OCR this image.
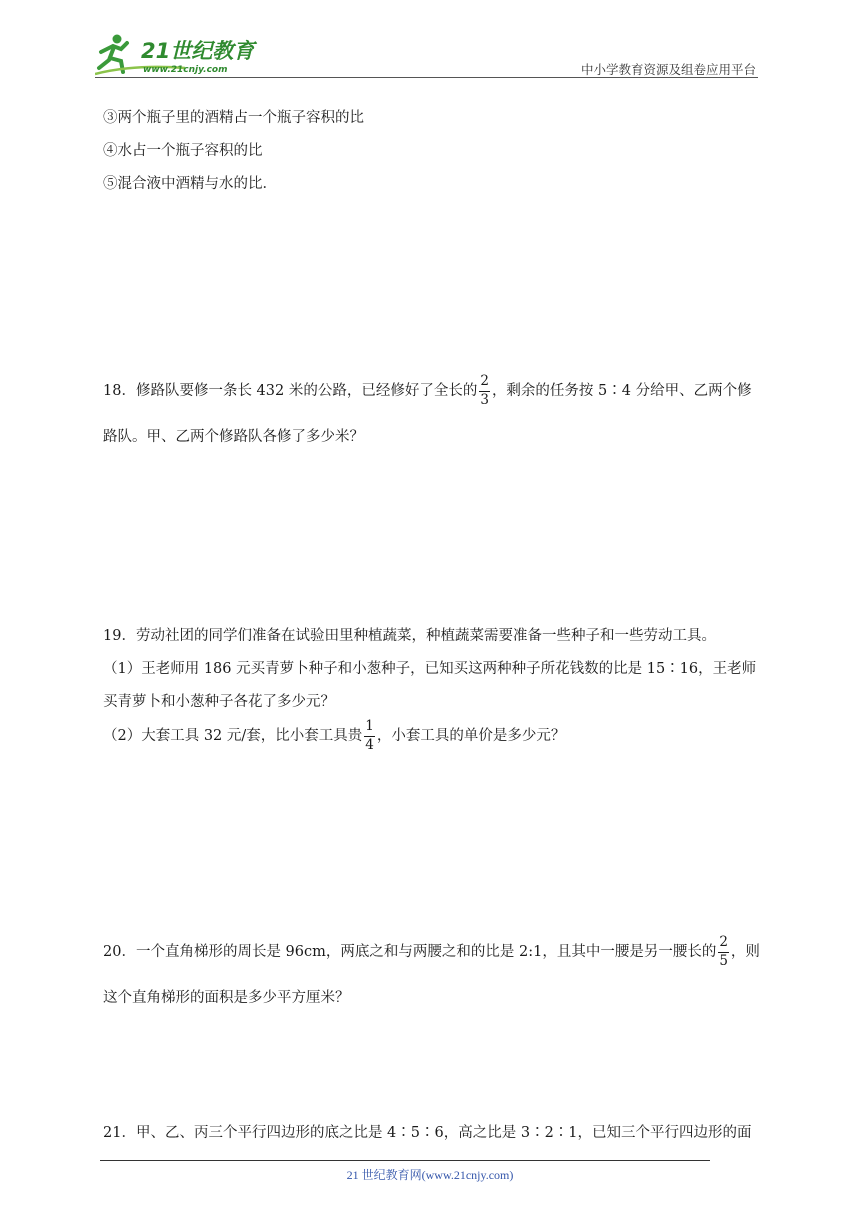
21世纪教育
www.21cnjy.com	中小学教育资源及组卷应用平台
③两个瓶子里的酒精占一个瓶子容积的比
④水占一个瓶子容积的比
⑤混合液中酒精与水的比．
18．修路队要修一条长 432 米的公路，已经修好了全长的 $\frac{2}{3}$ ，剩余的任务按 5∶4 分给甲、乙两个修
路队。甲、乙两个修路队各修了多少米？
19．劳动社团的同学们准备在试验田里种植蔬菜，种植蔬菜需要准备一些种子和一些劳动工具。
（1）王老师用 186 元买青萝卜种子和小葱种子，已知买这两种种子所花钱数的比是 15∶16，王老师
买青萝卜和小葱种子各花了多少元？
（2）大套工具 32 元/套，比小套工具贵 $\frac{1}{4}$ ，小套工具的单价是多少元？
20．一个直角梯形的周长是 96cm，两底之和与两腰之和的比是 2:1，且其中一腰是另一腰长的 $\frac{2}{5}$ ，则
这个直角梯形的面积是多少平方厘米？
21．甲、乙、丙三个平行四边形的底之比是 4∶5∶6，高之比是 3∶2∶1，已知三个平行四边形的面
21 世纪教育网(www.21cnjy.com)
